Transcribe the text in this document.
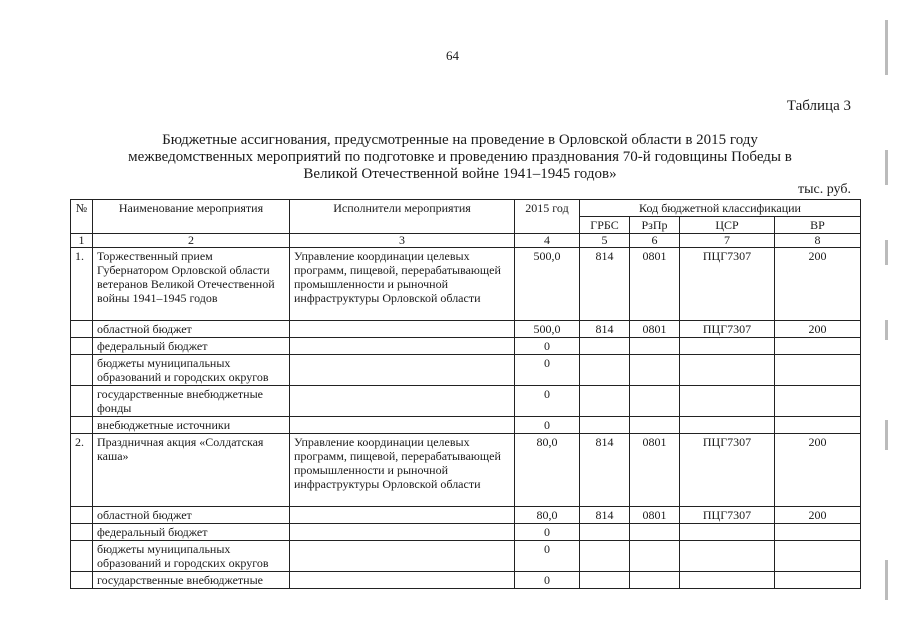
64
Таблица 3
Бюджетные ассигнования, предусмотренные на проведение в Орловской области в 2015 году межведомственных мероприятий по подготовке и проведению празднования 70-й годовщины Победы в Великой Отечественной войне 1941–1945 годов»
тыс. руб.
№	Наименование мероприятия	Исполнители мероприятия	2015 год	Код бюджетной классификации			
				ГРБС	РзПр	ЦСР	ВР
1	2	3	4	5	6	7	8
1.	Торжественный прием Губернатором Орловской области ветеранов Великой Отечественной войны 1941–1945 годов	Управление координации целевых программ, пищевой, перерабатывающей промышленности и рыночной инфраструктуры Орловской области	500,0	814	0801	ПЦГ7307	200
	областной бюджет		500,0	814	0801	ПЦГ7307	200
	федеральный бюджет		0				
	бюджеты муниципальных образований и городских округов		0				
	государственные внебюджетные фонды		0				
	внебюджетные источники		0				
2.	Праздничная акция «Солдатская каша»	Управление координации целевых программ, пищевой, перерабатывающей промышленности и рыночной инфраструктуры Орловской области	80,0	814	0801	ПЦГ7307	200
	областной бюджет		80,0	814	0801	ПЦГ7307	200
	федеральный бюджет		0				
	бюджеты муниципальных образований и городских округов		0				
	государственные внебюджетные		0				
